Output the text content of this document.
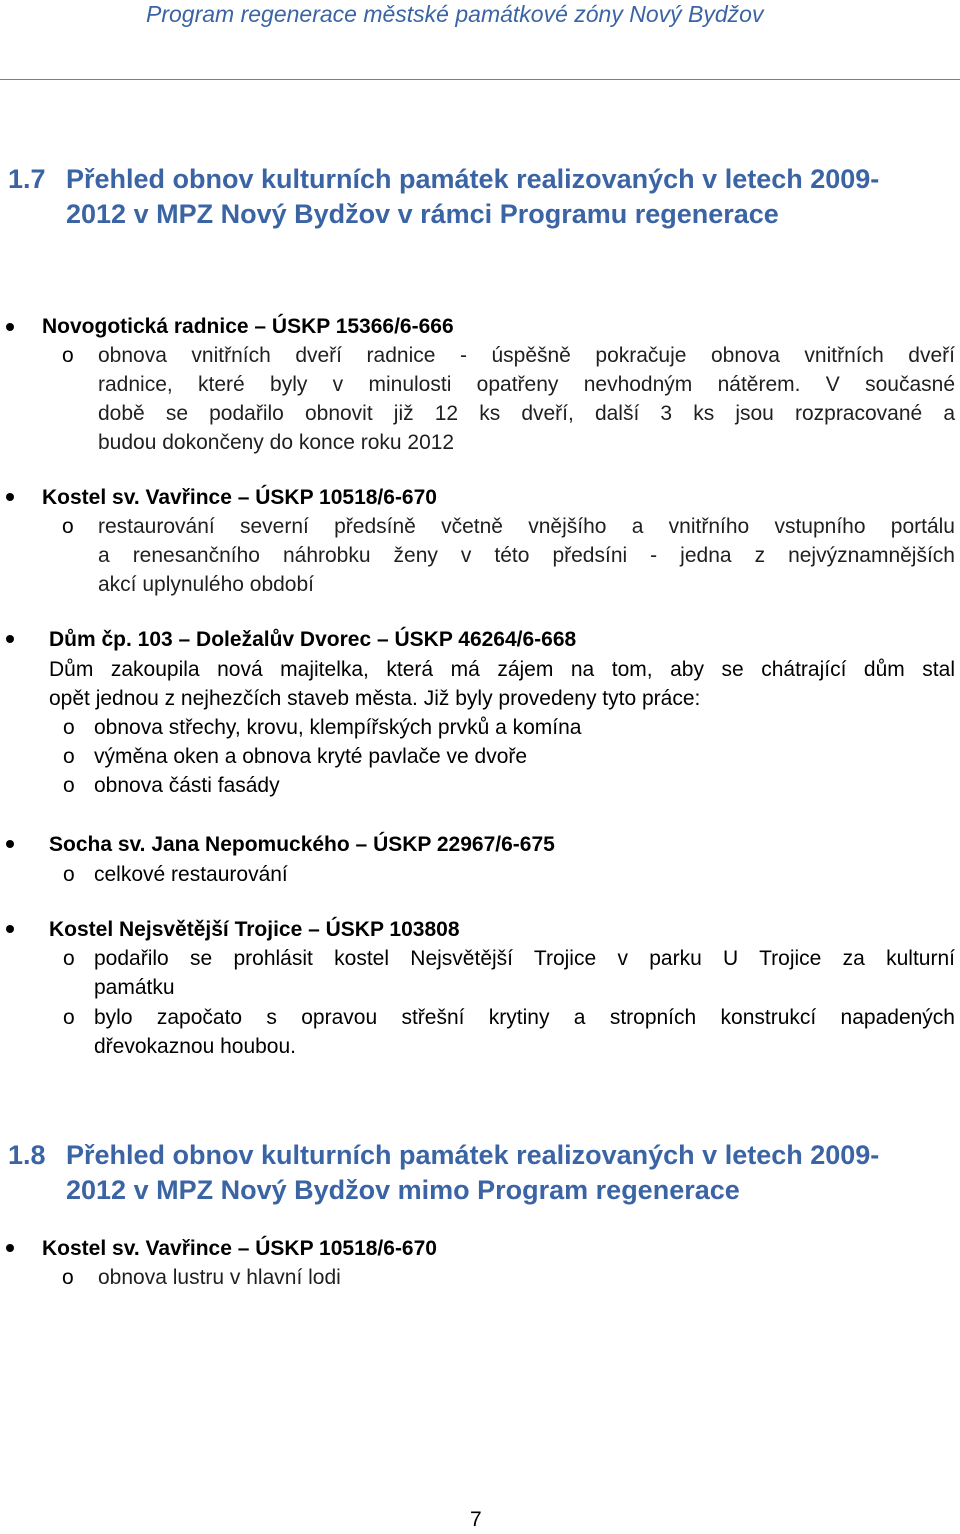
Program regenerace městské památkové zóny Nový Bydžov
1.7 Přehled obnov kulturních památek realizovaných v letech 2009-
2012 v MPZ Nový Bydžov v rámci Programu regenerace
Novogotická radnice – ÚSKP 15366/6-666
o obnova vnitřních dveří radnice - úspěšně pokračuje obnova vnitřních dveří
radnice, které byly v minulosti opatřeny nevhodným nátěrem. V současné
době se podařilo obnovit již 12 ks dveří, další 3 ks jsou rozpracované a
budou dokončeny do konce roku 2012
Kostel sv. Vavřince – ÚSKP 10518/6-670
o restaurování severní předsíně včetně vnějšího a vnitřního vstupního portálu
a renesančního náhrobku ženy v této předsíni - jedna z nejvýznamnějších
akcí uplynulého období
Dům čp. 103 – Doležalův Dvorec – ÚSKP 46264/6-668
Dům zakoupila nová majitelka, která má zájem na tom, aby se chátrající dům stal
opět jednou z nejhezčích staveb města. Již byly provedeny tyto práce:
o obnova střechy, krovu, klempířských prvků a komína
o výměna oken a obnova kryté pavlače ve dvoře
o obnova části fasády
Socha sv. Jana Nepomuckého – ÚSKP 22967/6-675
o celkové restaurování
Kostel Nejsvětější Trojice – ÚSKP 103808
o podařilo se prohlásit kostel Nejsvětější Trojice v parku U Trojice za kulturní
památku
o bylo započato s opravou střešní krytiny a stropních konstrukcí napadených
dřevokaznou houbou.
1.8 Přehled obnov kulturních památek realizovaných v letech 2009-
2012 v MPZ Nový Bydžov mimo Program regenerace
Kostel sv. Vavřince – ÚSKP 10518/6-670
o obnova lustru v hlavní lodi
7
